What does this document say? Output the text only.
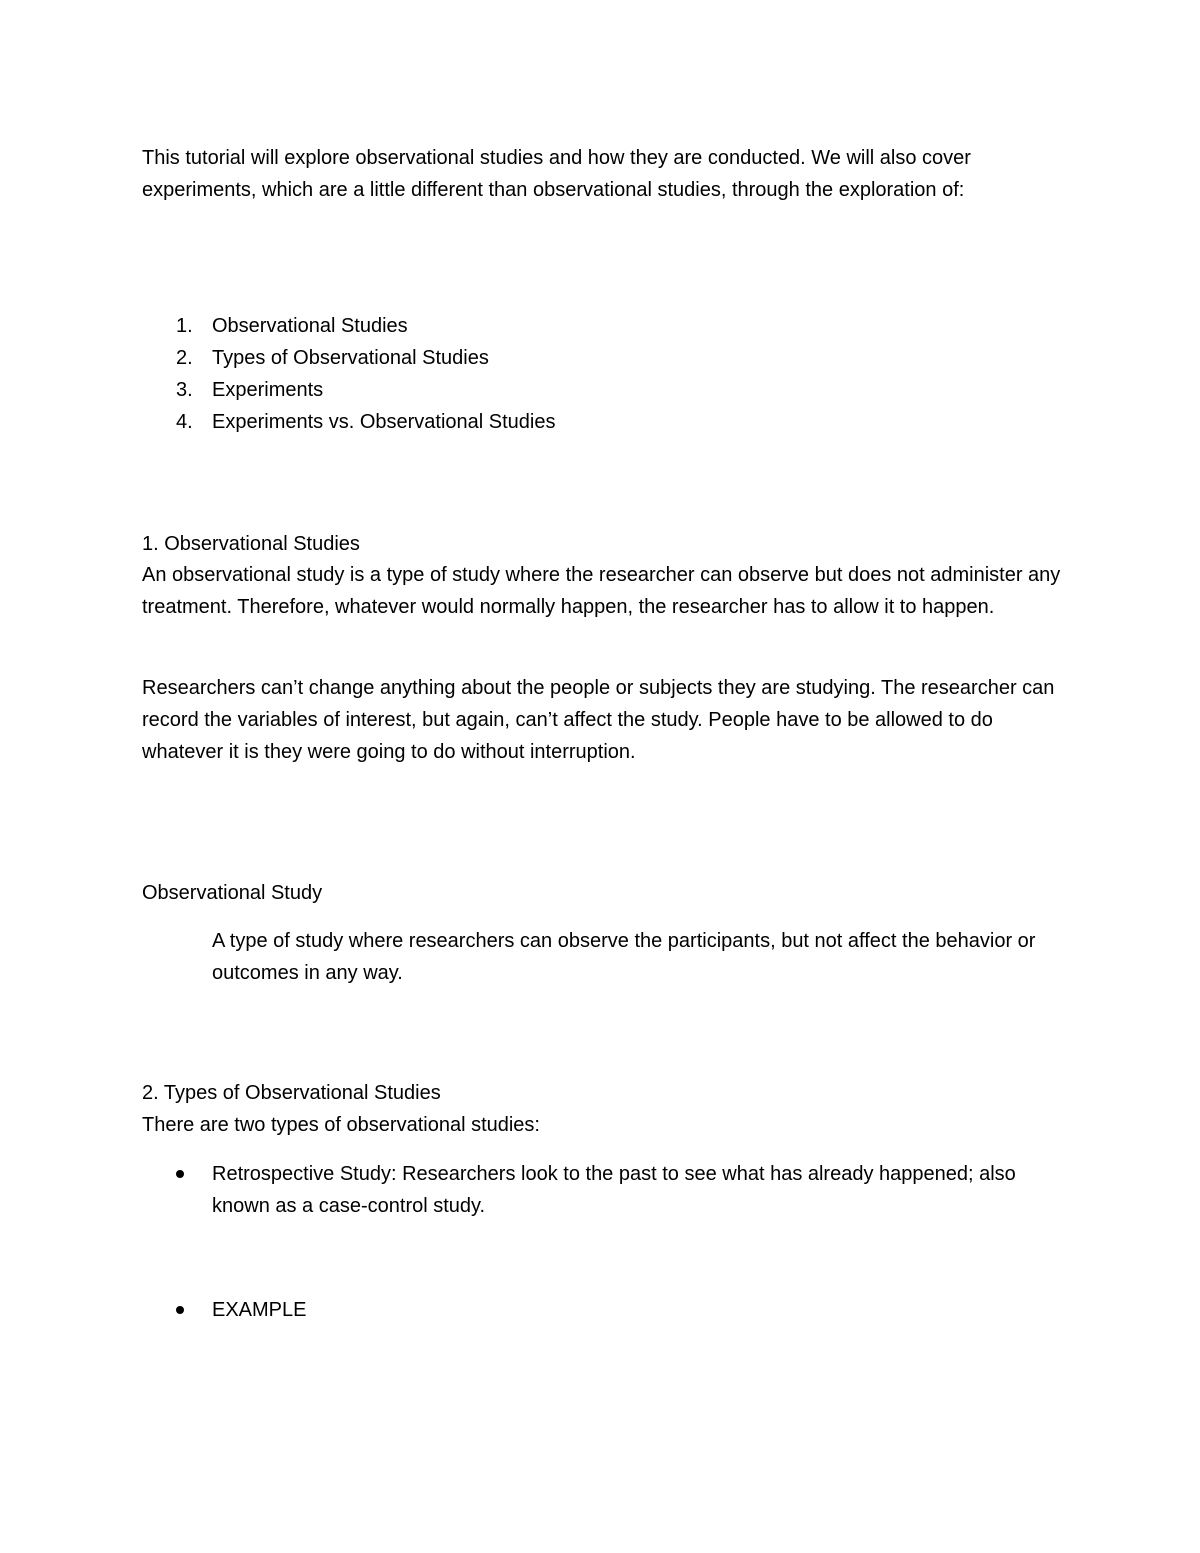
This tutorial will explore observational studies and how they are conducted. We will also cover experiments, which are a little different than observational studies, through the exploration of:
1. Observational Studies
2. Types of Observational Studies
3. Experiments
4. Experiments vs. Observational Studies
1. Observational Studies
An observational study is a type of study where the researcher can observe but does not administer any treatment. Therefore, whatever would normally happen, the researcher has to allow it to happen.
Researchers can’t change anything about the people or subjects they are studying. The researcher can record the variables of interest, but again, can’t affect the study. People have to be allowed to do whatever it is they were going to do without interruption.
Observational Study
A type of study where researchers can observe the participants, but not affect the behavior or outcomes in any way.
2. Types of Observational Studies
There are two types of observational studies:
Retrospective Study: Researchers look to the past to see what has already happened; also known as a case-control study.
EXAMPLE
